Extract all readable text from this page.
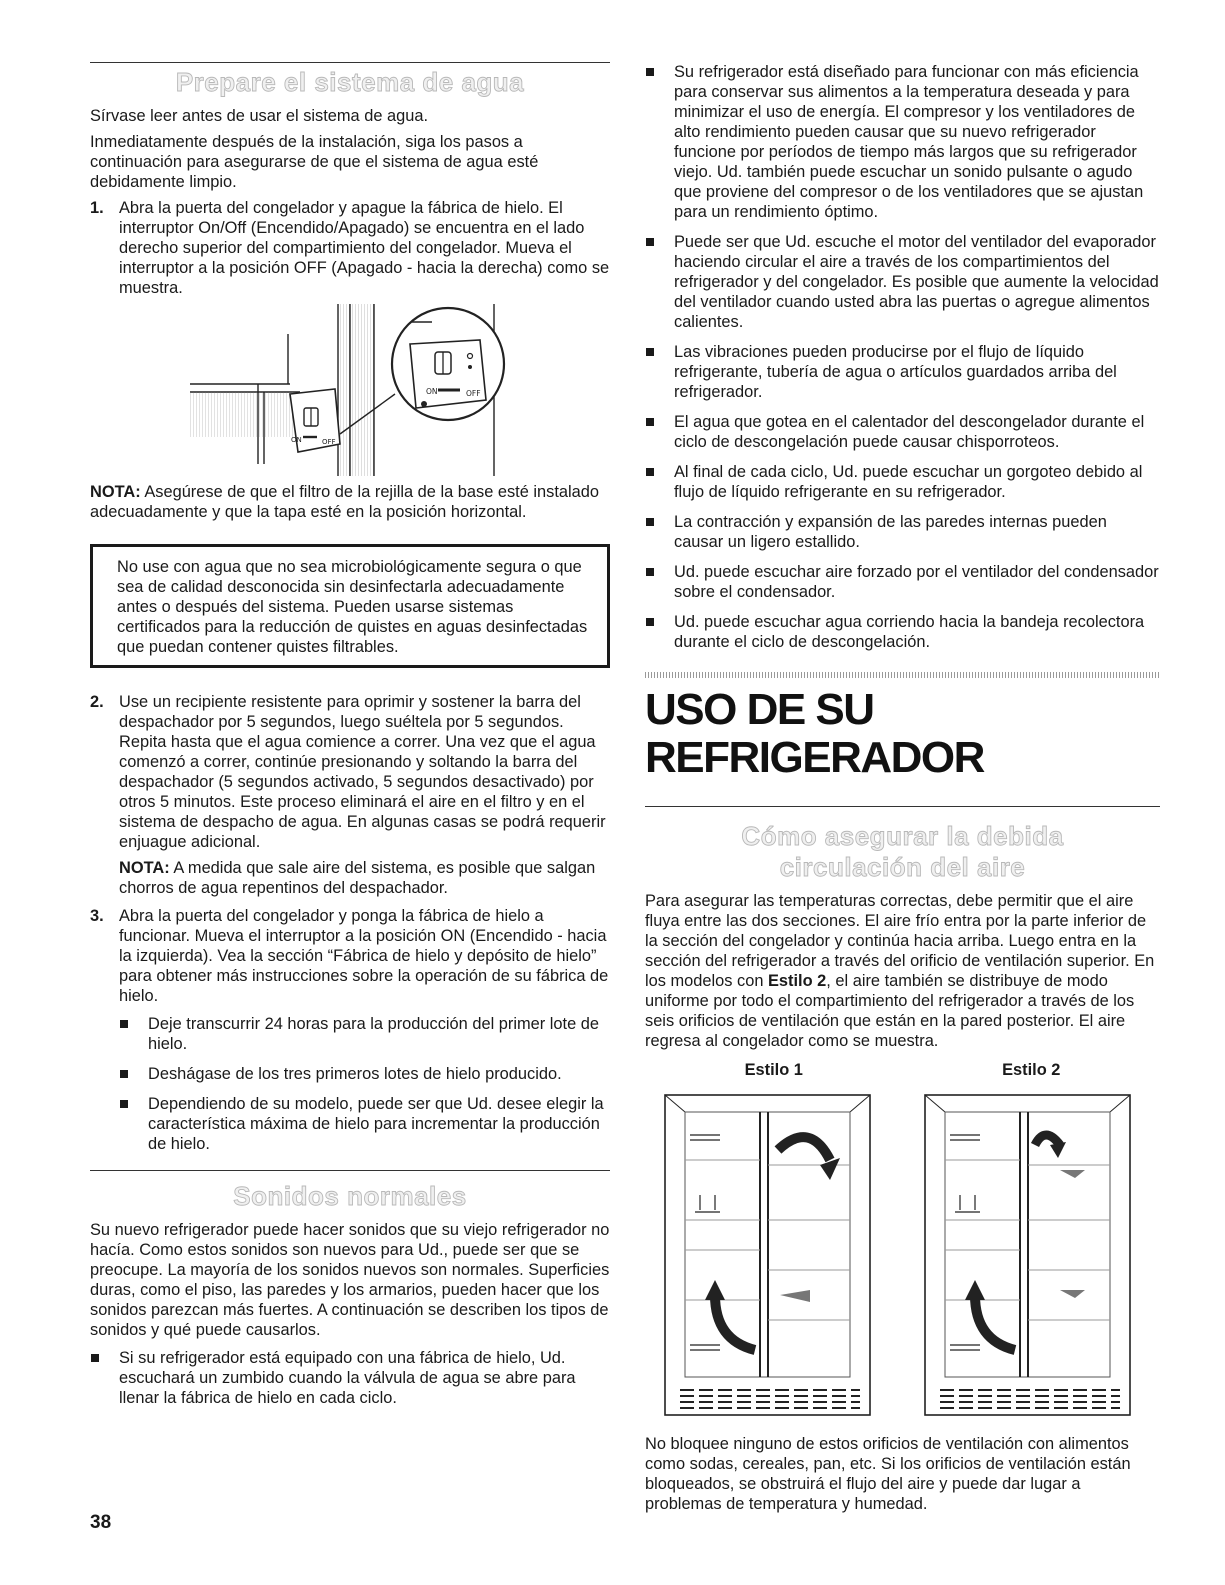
Prepare el sistema de agua

Sírvase leer antes de usar el sistema de agua.

Inmediatamente después de la instalación, siga los pasos a continuación para asegurarse de que el sistema de agua esté debidamente limpio.

1. Abra la puerta del congelador y apague la fábrica de hielo. El interruptor On/Off (Encendido/Apagado) se encuentra en el lado derecho superior del compartimiento del congelador. Mueva el interruptor a la posición OFF (Apagado - hacia la derecha) como se muestra.
ON	OFF
ON	OFF

NOTA: Asegúrese de que el filtro de la rejilla de la base esté instalado adecuadamente y que la tapa esté en la posición horizontal.

No use con agua que no sea microbiológicamente segura o que sea de calidad desconocida sin desinfectarla adecuadamente antes o después del sistema. Pueden usarse sistemas certificados para la reducción de quistes en aguas desinfectadas que puedan contener quistes filtrables.
2. Use un recipiente resistente para oprimir y sostener la barra del despachador por 5 segundos, luego suéltela por 5 segundos. Repita hasta que el agua comience a correr. Una vez que el agua comenzó a correr, continúe presionando y soltando la barra del despachador (5 segundos activado, 5 segundos desactivado) por otros 5 minutos. Este proceso eliminará el aire en el filtro y en el sistema de despacho de agua. En algunas casas se podrá requerir enjuague adicional.
NOTA: A medida que sale aire del sistema, es posible que salgan chorros de agua repentinos del despachador.
3. Abra la puerta del congelador y ponga la fábrica de hielo a funcionar. Mueva el interruptor a la posición ON (Encendido - hacia la izquierda). Vea la sección “Fábrica de hielo y depósito de hielo” para obtener más instrucciones sobre la operación de su fábrica de hielo.
Deje transcurrir 24 horas para la producción del primer lote de hielo.
Deshágase de los tres primeros lotes de hielo producido.
Dependiendo de su modelo, puede ser que Ud. desee elegir la característica máxima de hielo para incrementar la producción de hielo.
Sonidos normales

Su nuevo refrigerador puede hacer sonidos que su viejo refrigerador no hacía. Como estos sonidos son nuevos para Ud., puede ser que se preocupe. La mayoría de los sonidos nuevos son normales. Superficies duras, como el piso, las paredes y los armarios, pueden hacer que los sonidos parezcan más fuertes. A continuación se describen los tipos de sonidos y qué puede causarlos.

Si su refrigerador está equipado con una fábrica de hielo, Ud. escuchará un zumbido cuando la válvula de agua se abre para llenar la fábrica de hielo en cada ciclo.
Su refrigerador está diseñado para funcionar con más eficiencia para conservar sus alimentos a la temperatura deseada y para minimizar el uso de energía. El compresor y los ventiladores de alto rendimiento pueden causar que su nuevo refrigerador funcione por períodos de tiempo más largos que su refrigerador viejo. Ud. también puede escuchar un sonido pulsante o agudo que proviene del compresor o de los ventiladores que se ajustan para un rendimiento óptimo.
Puede ser que Ud. escuche el motor del ventilador del evaporador haciendo circular el aire a través de los compartimientos del refrigerador y del congelador. Es posible que aumente la velocidad del ventilador cuando usted abra las puertas o agregue alimentos calientes.
Las vibraciones pueden producirse por el flujo de líquido refrigerante, tubería de agua o artículos guardados arriba del refrigerador.
El agua que gotea en el calentador del descongelador durante el ciclo de descongelación puede causar chisporroteos.
Al final de cada ciclo, Ud. puede escuchar un gorgoteo debido al flujo de líquido refrigerante en su refrigerador.
La contracción y expansión de las paredes internas pueden causar un ligero estallido.
Ud. puede escuchar aire forzado por el ventilador del condensador sobre el condensador.
Ud. puede escuchar agua corriendo hacia la bandeja recolectora durante el ciclo de descongelación.
USO DE SU REFRIGERADOR
Cómo asegurar la debida
circulación del aire

Para asegurar las temperaturas correctas, debe permitir que el aire fluya entre las dos secciones. El aire frío entra por la parte inferior de la sección del congelador y continúa hacia arriba. Luego entra en la sección del refrigerador a través del orificio de ventilación superior. En los modelos con Estilo 2, el aire también se distribuye de modo uniforme por todo el compartimiento del refrigerador a través de los seis orificios de ventilación que están en la pared posterior. El aire regresa al congelador como se muestra.

Estilo 1	Estilo 2

No bloquee ninguno de estos orificios de ventilación con alimentos como sodas, cereales, pan, etc. Si los orificios de ventilación están bloqueados, se obstruirá el flujo del aire y puede dar lugar a problemas de temperatura y humedad.

38
